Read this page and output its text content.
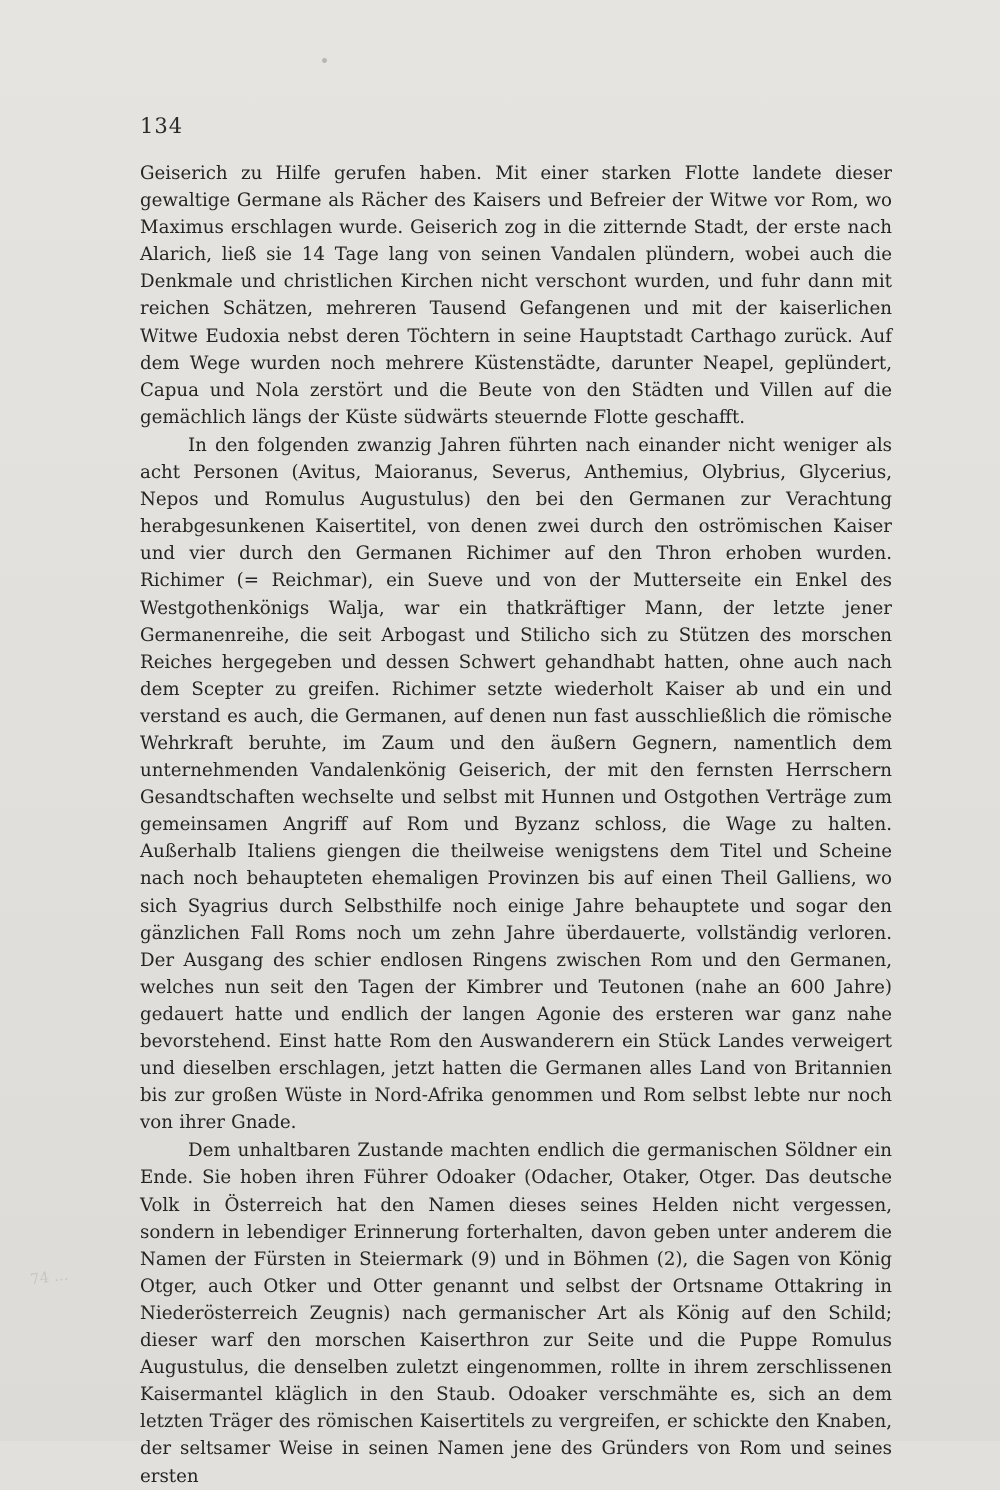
134

Geiserich zu Hilfe gerufen haben. Mit einer starken Flotte landete dieser gewaltige Germane als Rächer des Kaisers und Befreier der Witwe vor Rom, wo Maximus erschlagen wurde. Geiserich zog in die zitternde Stadt, der erste nach Alarich, ließ sie 14 Tage lang von seinen Vandalen plündern, wobei auch die Denkmale und christlichen Kirchen nicht verschont wurden, und fuhr dann mit reichen Schätzen, mehreren Tausend Gefangenen und mit der kaiserlichen Witwe Eudoxia nebst deren Töchtern in seine Hauptstadt Carthago zurück. Auf dem Wege wurden noch mehrere Küstenstädte, darunter Neapel, geplündert, Capua und Nola zerstört und die Beute von den Städten und Villen auf die gemächlich längs der Küste südwärts steuernde Flotte geschafft.

In den folgenden zwanzig Jahren führten nach einander nicht weniger als acht Personen (Avitus, Maioranus, Severus, Anthemius, Olybrius, Glycerius, Nepos und Romulus Augustulus) den bei den Germanen zur Verachtung herabgesunkenen Kaisertitel, von denen zwei durch den oströmischen Kaiser und vier durch den Germanen Richimer auf den Thron erhoben wurden. Richimer (= Reichmar), ein Sueve und von der Mutterseite ein Enkel des Westgothenkönigs Walja, war ein thatkräftiger Mann, der letzte jener Germanenreihe, die seit Arbogast und Stilicho sich zu Stützen des morschen Reiches hergegeben und dessen Schwert gehandhabt hatten, ohne auch nach dem Scepter zu greifen. Richimer setzte wiederholt Kaiser ab und ein und verstand es auch, die Germanen, auf denen nun fast ausschließlich die römische Wehrkraft beruhte, im Zaum und den äußern Gegnern, namentlich dem unternehmenden Vandalenkönig Geiserich, der mit den fernsten Herrschern Gesandtschaften wechselte und selbst mit Hunnen und Ostgothen Verträge zum gemeinsamen Angriff auf Rom und Byzanz schloss, die Wage zu halten. Außerhalb Italiens giengen die theilweise wenigstens dem Titel und Scheine nach noch behaupteten ehemaligen Provinzen bis auf einen Theil Galliens, wo sich Syagrius durch Selbsthilfe noch einige Jahre behauptete und sogar den gänzlichen Fall Roms noch um zehn Jahre überdauerte, vollständig verloren. Der Ausgang des schier endlosen Ringens zwischen Rom und den Germanen, welches nun seit den Tagen der Kimbrer und Teutonen (nahe an 600 Jahre) gedauert hatte und endlich der langen Agonie des ersteren war ganz nahe bevorstehend. Einst hatte Rom den Auswanderern ein Stück Landes verweigert und dieselben erschlagen, jetzt hatten die Germanen alles Land von Britannien bis zur großen Wüste in Nord-Afrika genommen und Rom selbst lebte nur noch von ihrer Gnade.

Dem unhaltbaren Zustande machten endlich die germanischen Söldner ein Ende. Sie hoben ihren Führer Odoaker (Odacher, Otaker, Otger. Das deutsche Volk in Österreich hat den Namen dieses seines Helden nicht vergessen, sondern in lebendiger Erinnerung forterhalten, davon geben unter anderem die Namen der Fürsten in Steiermark (9) und in Böhmen (2), die Sagen von König Otger, auch Otker und Otter genannt und selbst der Ortsname Ottakring in Niederösterreich Zeugnis) nach germanischer Art als König auf den Schild; dieser warf den morschen Kaiserthron zur Seite und die Puppe Romulus Augustulus, die denselben zuletzt eingenommen, rollte in ihrem zerschlissenen Kaisermantel kläglich in den Staub. Odoaker verschmähte es, sich an dem letzten Träger des römischen Kaisertitels zu vergreifen, er schickte den Knaben, der seltsamer Weise in seinen Namen jene des Gründers von Rom und seines ersten

74 ...
